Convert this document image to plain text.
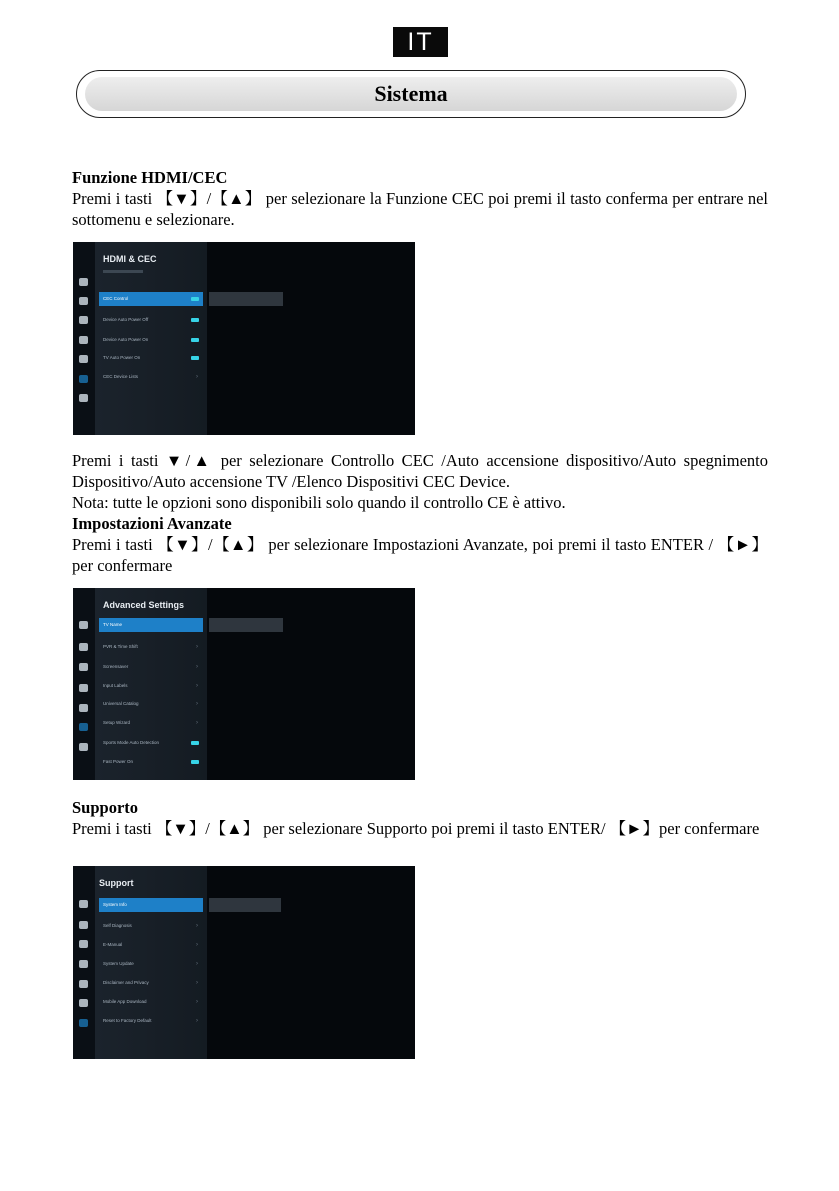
IT
Sistema
Funzione HDMI/CEC

Premi i tasti 【▼】/【▲】 per selezionare la Funzione CEC poi premi il tasto conferma per entrare nel sottomenu e selezionare.

HDMI & CEC
CEC Control
Device Auto Power Off
Device Auto Power On
TV Auto Power On
CEC Device Lists	›

Premi i tasti ▼/▲ per selezionare Controllo CEC /Auto accensione dispositivo/Auto spegnimento Dispositivo/Auto accensione TV /Elenco Dispositivi CEC Device.

Nota: tutte le opzioni sono disponibili solo quando il controllo CE è attivo.

Impostazioni Avanzate

Premi i tasti 【▼】/【▲】 per selezionare Impostazioni Avanzate, poi premi il tasto ENTER / 【►】per confermare

Advanced Settings
TV Name
PVR & Time Shift	›
Screensaver	›
Input Labels	›
Universal Catalog	›
Setup Wizard	›
Sports Mode Auto Detection
Fast Power On
Supporto

Premi i tasti 【▼】/【▲】 per selezionare Supporto poi premi il tasto ENTER/ 【►】per confermare

Support
System Info
Self Diagnosis	›
E-Manual	›
System Update	›
Disclaimer and Privacy	›
Mobile App Download	›
Reset to Factory Default	›
